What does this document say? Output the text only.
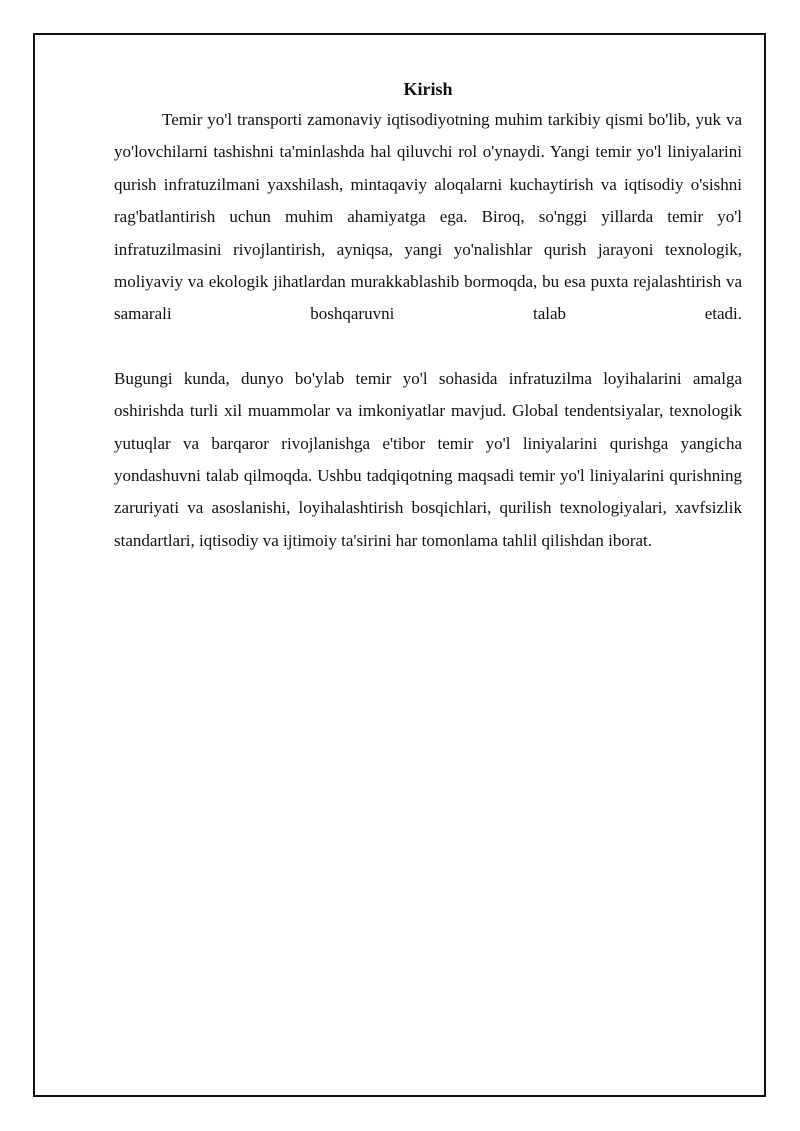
Kirish

Temir yo'l transporti zamonaviy iqtisodiyotning muhim tarkibiy qismi bo'lib, yuk va yo'lovchilarni tashishni ta'minlashda hal qiluvchi rol o'ynaydi. Yangi temir yo'l liniyalarini qurish infratuzilmani yaxshilash, mintaqaviy aloqalarni kuchaytirish va iqtisodiy o'sishni rag'batlantirish uchun muhim ahamiyatga ega. Biroq, so'nggi yillarda temir yo'l infratuzilmasini rivojlantirish, ayniqsa, yangi yo'nalishlar qurish jarayoni texnologik, moliyaviy va ekologik jihatlardan murakkablashib bormoqda, bu esa puxta rejalashtirish va samarali boshqaruvni talab etadi.

Bugungi kunda, dunyo bo'ylab temir yo'l sohasida infratuzilma loyihalarini amalga oshirishda turli xil muammolar va imkoniyatlar mavjud. Global tendentsiyalar, texnologik yutuqlar va barqaror rivojlanishga e'tibor temir yo'l liniyalarini qurishga yangicha yondashuvni talab qilmoqda. Ushbu tadqiqotning maqsadi temir yo'l liniyalarini qurishning zaruriyati va asoslanishi, loyihalashtirish bosqichlari, qurilish texnologiyalari, xavfsizlik standartlari, iqtisodiy va ijtimoiy ta'sirini har tomonlama tahlil qilishdan iborat.
